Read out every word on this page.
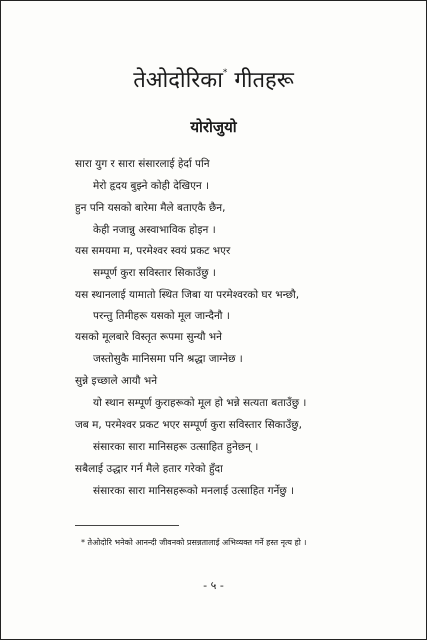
तेओदोरिका* गीतहरू
योरोजुयो
सारा युग र सारा संसारलाई हेर्दा पनि
मेरो हृदय बुझ्ने कोही देखिएन ।
हुन पनि यसको बारेमा मैले बताएकै छैन,
केही नजान्नु अस्वाभाविक होइन ।
यस समयमा म, परमेश्वर स्वयं प्रकट भएर
सम्पूर्ण कुरा सविस्तार सिकाउँछु ।
यस स्थानलाई यामातो स्थित जिबा या परमेश्वरको घर भन्छौ,
परन्तु तिमीहरू यसको मूल जान्दैनौ ।
यसको मूलबारे विस्तृत रूपमा सुन्यौ भने
जस्तोसुकै मानिसमा पनि श्रद्धा जाग्नेछ ।
सुन्ने इच्छाले आयौ भने
यो स्थान सम्पूर्ण कुराहरूको मूल हो भन्ने सत्यता बताउँछु ।
जब म, परमेश्वर प्रकट भएर सम्पूर्ण कुरा सविस्तार सिकाउँछु,
संसारका सारा मानिसहरू उत्साहित हुनेछन् ।
सबैलाई उद्धार गर्न मैले हतार गरेको हुँदा
संसारका सारा मानिसहरूको मनलाई उत्साहित गर्नेछु ।
* तेओदोरि भनेको आनन्दी जीवनको प्रसन्नतालाई अभिव्यक्त गर्ने हस्त नृत्य हो ।
- ५ -
